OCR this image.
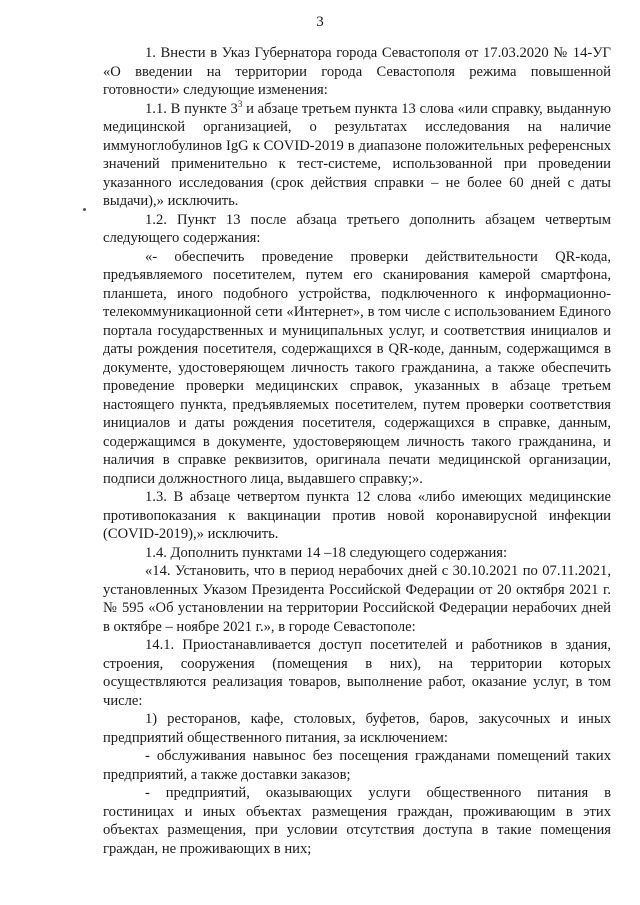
3

1. Внести в Указ Губернатора города Севастополя от 17.03.2020 № 14-УГ «О введении на территории города Севастополя режима повышенной готовности» следующие изменения:

1.1. В пункте $3^3$ и абзаце третьем пункта 13 слова «или справку, выданную медицинской организацией, о результатах исследования на наличие иммуноглобулинов IgG к COVID-2019 в диапазоне положительных референсных значений применительно к тест-системе, использованной при проведении указанного исследования (срок действия справки – не более 60 дней с даты выдачи),» исключить.

1.2. Пункт 13 после абзаца третьего дополнить абзацем четвертым следующего содержания:

«- обеспечить проведение проверки действительности QR-кода, предъявляемого посетителем, путем его сканирования камерой смартфона, планшета, иного подобного устройства, подключенного к информационно-телекоммуникационной сети «Интернет», в том числе с использованием Единого портала государственных и муниципальных услуг, и соответствия инициалов и даты рождения посетителя, содержащихся в QR-коде, данным, содержащимся в документе, удостоверяющем личность такого гражданина, а также обеспечить проведение проверки медицинских справок, указанных в абзаце третьем настоящего пункта, предъявляемых посетителем, путем проверки соответствия инициалов и даты рождения посетителя, содержащихся в справке, данным, содержащимся в документе, удостоверяющем личность такого гражданина, и наличия в справке реквизитов, оригинала печати медицинской организации, подписи должностного лица, выдавшего справку;».

1.3. В абзаце четвертом пункта 12 слова «либо имеющих медицинские противопоказания к вакцинации против новой коронавирусной инфекции (COVID-2019),» исключить.

1.4. Дополнить пунктами 14 –18 следующего содержания:

«14. Установить, что в период нерабочих дней с 30.10.2021 по 07.11.2021, установленных Указом Президента Российской Федерации от 20 октября 2021 г. № 595 «Об установлении на территории Российской Федерации нерабочих дней в октябре – ноябре 2021 г.», в городе Севастополе:

14.1. Приостанавливается доступ посетителей и работников в здания, строения, сооружения (помещения в них), на территории которых осуществляются реализация товаров, выполнение работ, оказание услуг, в том числе:

1) ресторанов, кафе, столовых, буфетов, баров, закусочных и иных предприятий общественного питания, за исключением:

- обслуживания навынос без посещения гражданами помещений таких предприятий, а также доставки заказов;

- предприятий, оказывающих услуги общественного питания в гостиницах и иных объектах размещения граждан, проживающим в этих объектах размещения, при условии отсутствия доступа в такие помещения граждан, не проживающих в них;
